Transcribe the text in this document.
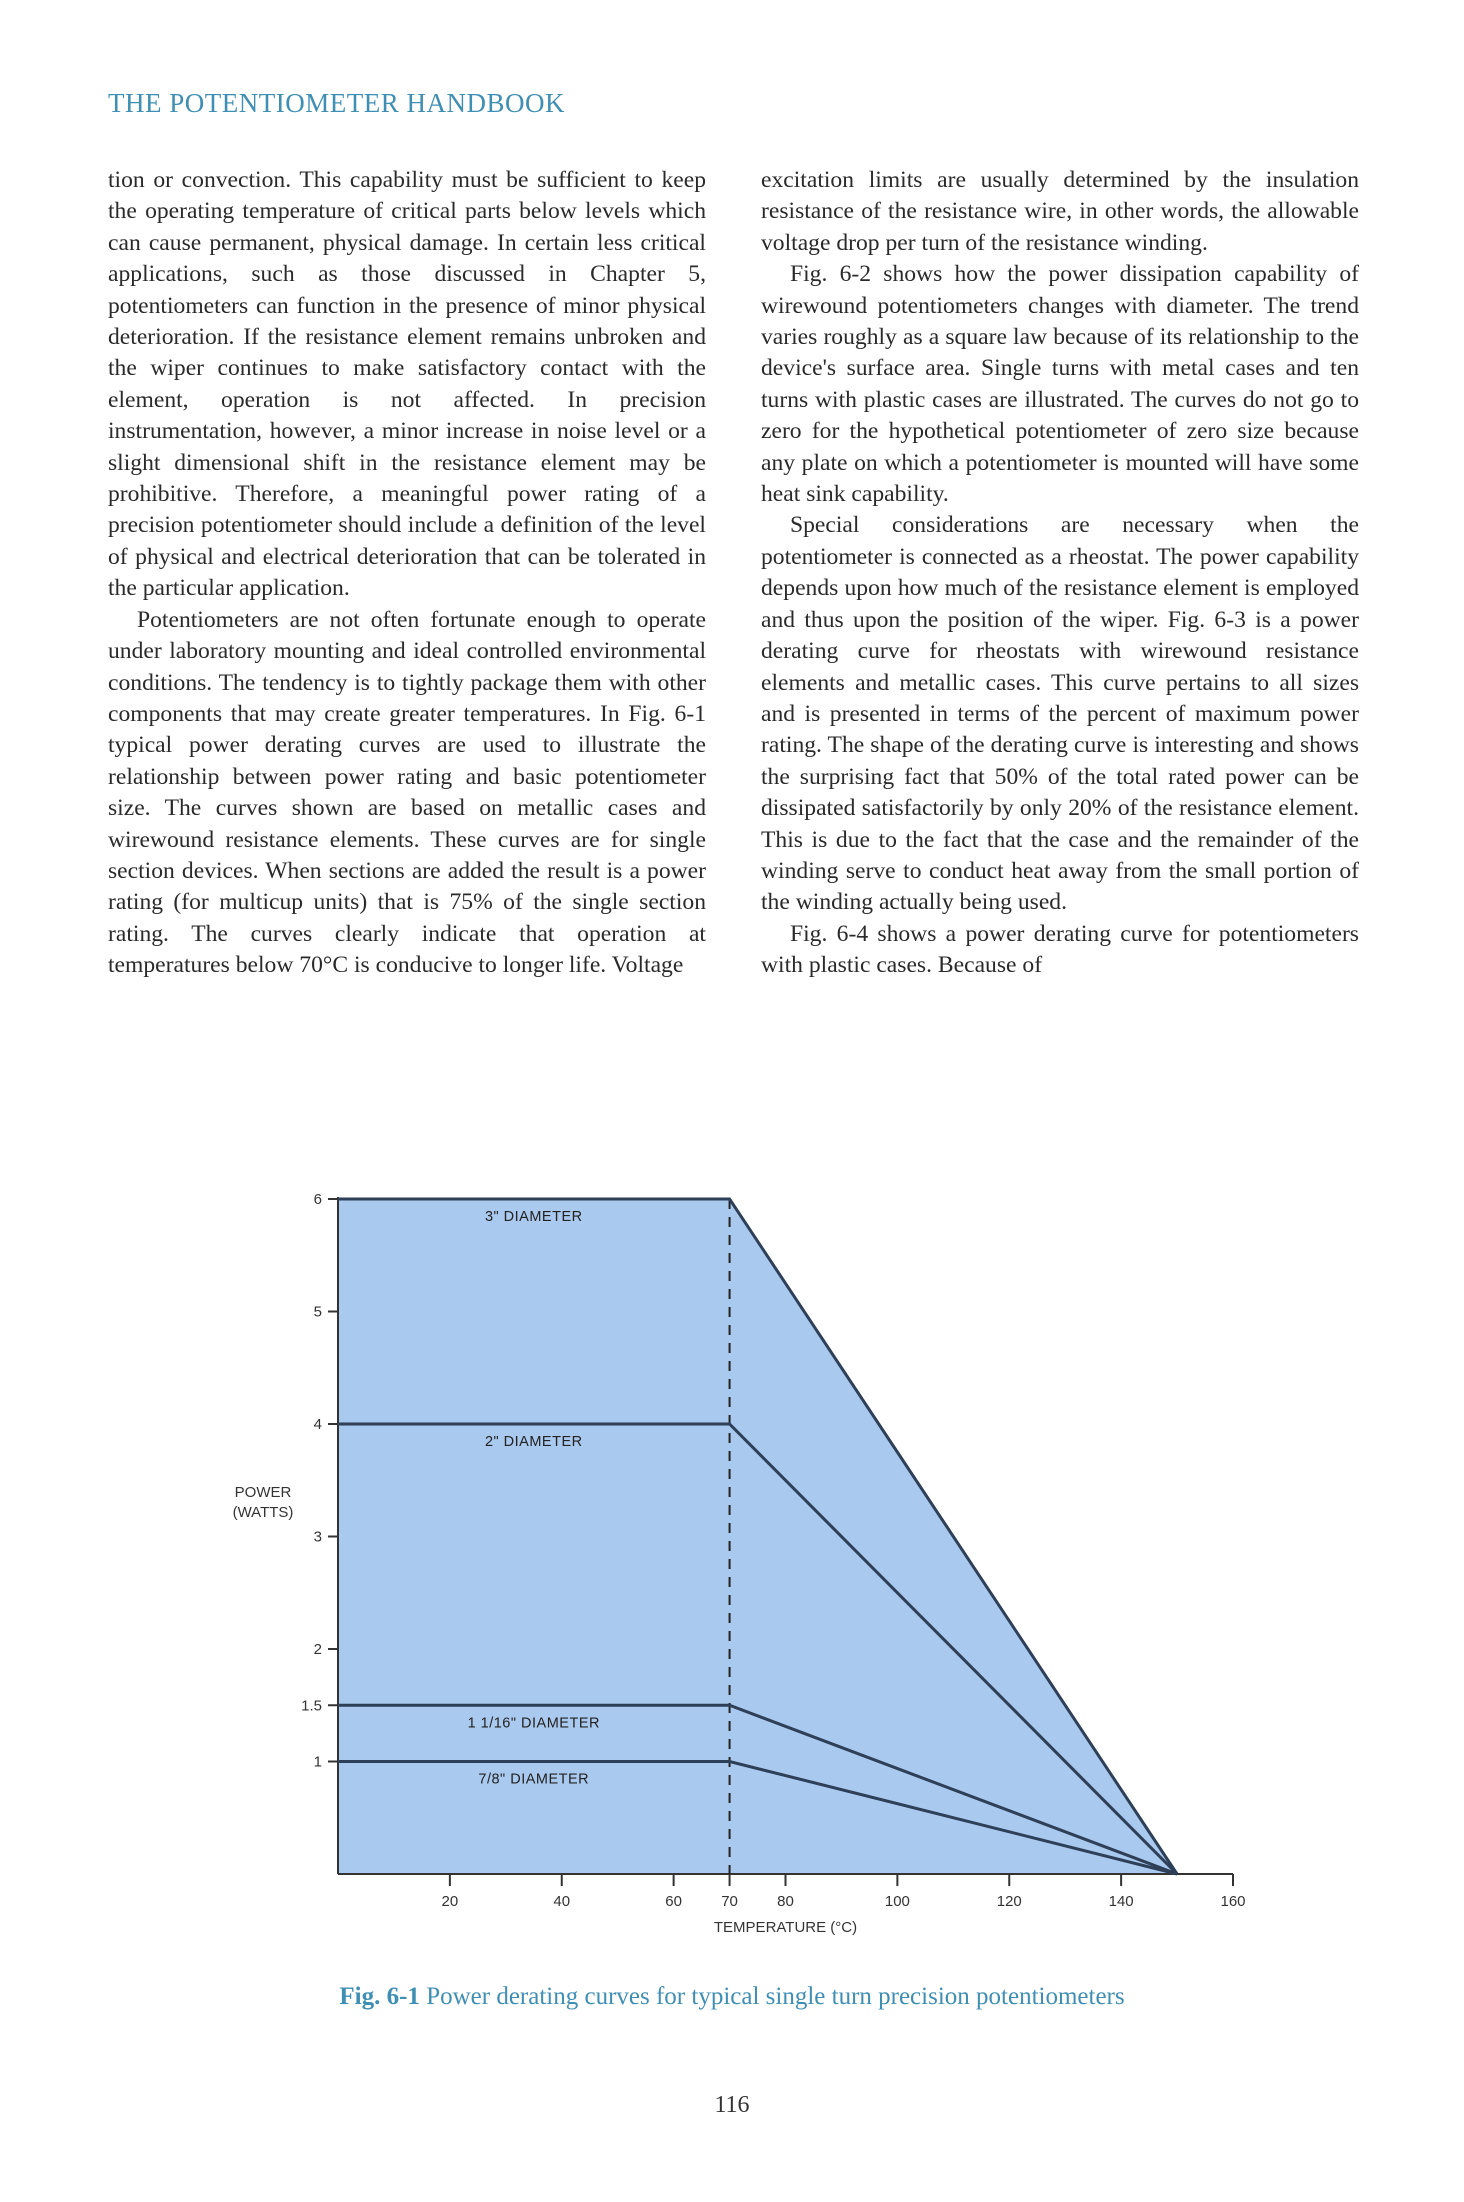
THE POTENTIOMETER HANDBOOK

tion or convection. This capability must be sufficient to keep the operating temperature of critical parts below levels which can cause permanent, physical damage. In certain less critical applications, such as those discussed in Chapter 5, potentiometers can function in the presence of minor physical deterioration. If the resistance element remains unbroken and the wiper continues to make satisfactory contact with the element, operation is not affected. In precision instrumentation, however, a minor increase in noise level or a slight dimensional shift in the resistance element may be prohibitive. Therefore, a meaningful power rating of a precision potentiometer should include a definition of the level of physical and electrical deterioration that can be tolerated in the particular application.

Potentiometers are not often fortunate enough to operate under laboratory mounting and ideal controlled environmental conditions. The tendency is to tightly package them with other components that may create greater temperatures. In Fig. 6-1 typical power derating curves are used to illustrate the relationship between power rating and basic potentiometer size. The curves shown are based on metallic cases and wirewound resistance elements. These curves are for single section devices. When sections are added the result is a power rating (for multicup units) that is 75% of the single section rating. The curves clearly indicate that operation at temperatures below 70°C is conducive to longer life. Voltage

excitation limits are usually determined by the insulation resistance of the resistance wire, in other words, the allowable voltage drop per turn of the resistance winding.

Fig. 6-2 shows how the power dissipation capability of wirewound potentiometers changes with diameter. The trend varies roughly as a square law because of its relationship to the device's surface area. Single turns with metal cases and ten turns with plastic cases are illustrated. The curves do not go to zero for the hypothetical potentiometer of zero size because any plate on which a potentiometer is mounted will have some heat sink capability.

Special considerations are necessary when the potentiometer is connected as a rheostat. The power capability depends upon how much of the resistance element is employed and thus upon the position of the wiper. Fig. 6-3 is a power derating curve for rheostats with wirewound resistance elements and metallic cases. This curve pertains to all sizes and is presented in terms of the percent of maximum power rating. The shape of the derating curve is interesting and shows the surprising fact that 50% of the total rated power can be dissipated satisfactorily by only 20% of the resistance element. This is due to the fact that the case and the remainder of the winding serve to conduct heat away from the small portion of the winding actually being used.

Fig. 6-4 shows a power derating curve for potentiometers with plastic cases. Because of

3" DIAMETER
2" DIAMETER
1 1/16" DIAMETER
7/8" DIAMETER
1
1.5
2
3
4
5
6
20	40	60	70	80	100	120	140	160
TEMPERATURE (°C)
POWER
(WATTS)
Fig. 6-1 Power derating curves for typical single turn precision potentiometers
116
